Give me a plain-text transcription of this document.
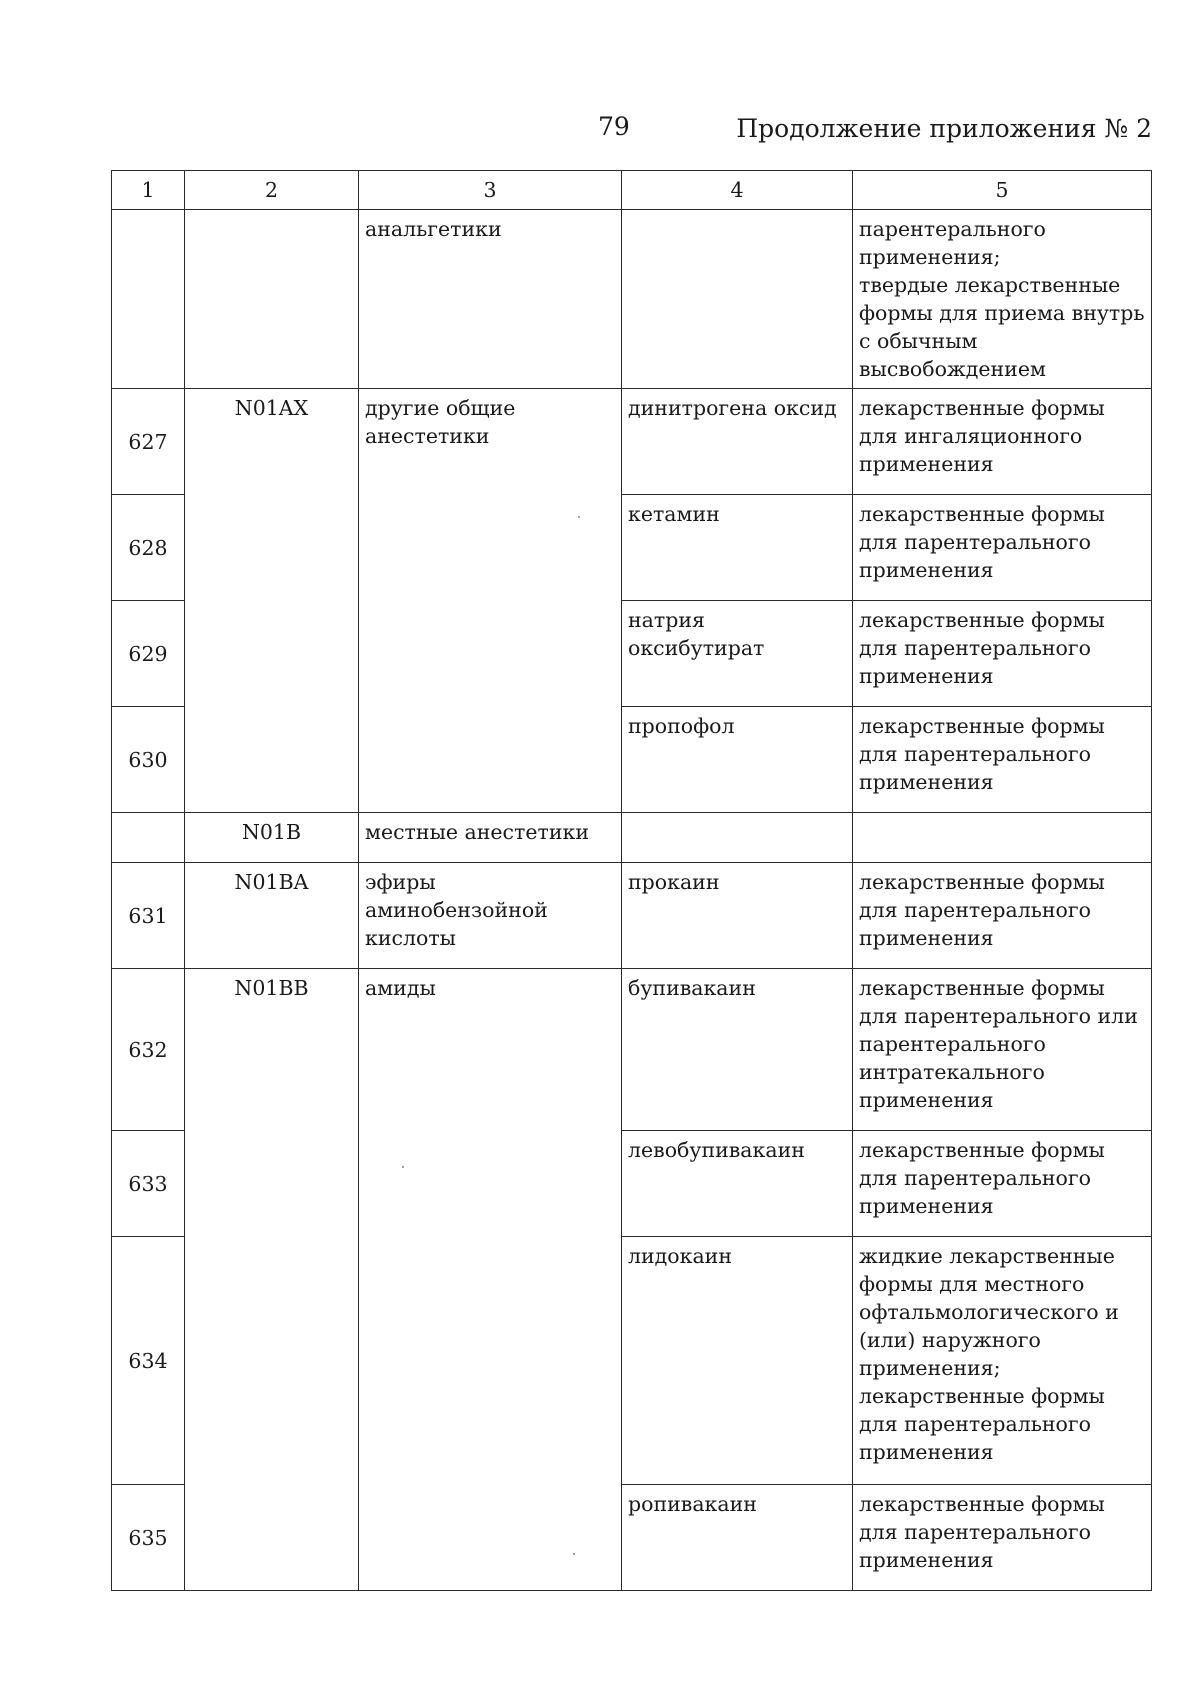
79	Продолжение приложения № 2
1	2	3	4	5
		анальгетики		парентерального применения;
твердые лекарственные формы для приема внутрь с обычным высвобождением

627	N01AX	другие общие анестетики	динитрогена оксид	лекарственные формы для ингаляционного применения

628			кетамин	лекарственные формы для парентерального применения

629			натрия оксибутират	лекарственные формы для парентерального применения

630			пропофол	лекарственные формы для парентерального применения

	N01B	местные анестетики		

631	N01BA	эфиры аминобензойной кислоты	прокаин	лекарственные формы для парентерального применения

632	N01BB	амиды	бупивакаин	лекарственные формы для парентерального или парентерального интратекального применения

633			левобупивакаин	лекарственные формы для парентерального применения

634			лидокаин	жидкие лекарственные формы для местного офтальмологического и (или) наружного применения;
лекарственные формы для парентерального применения

635			ропивакаин	лекарственные формы для парентерального применения
